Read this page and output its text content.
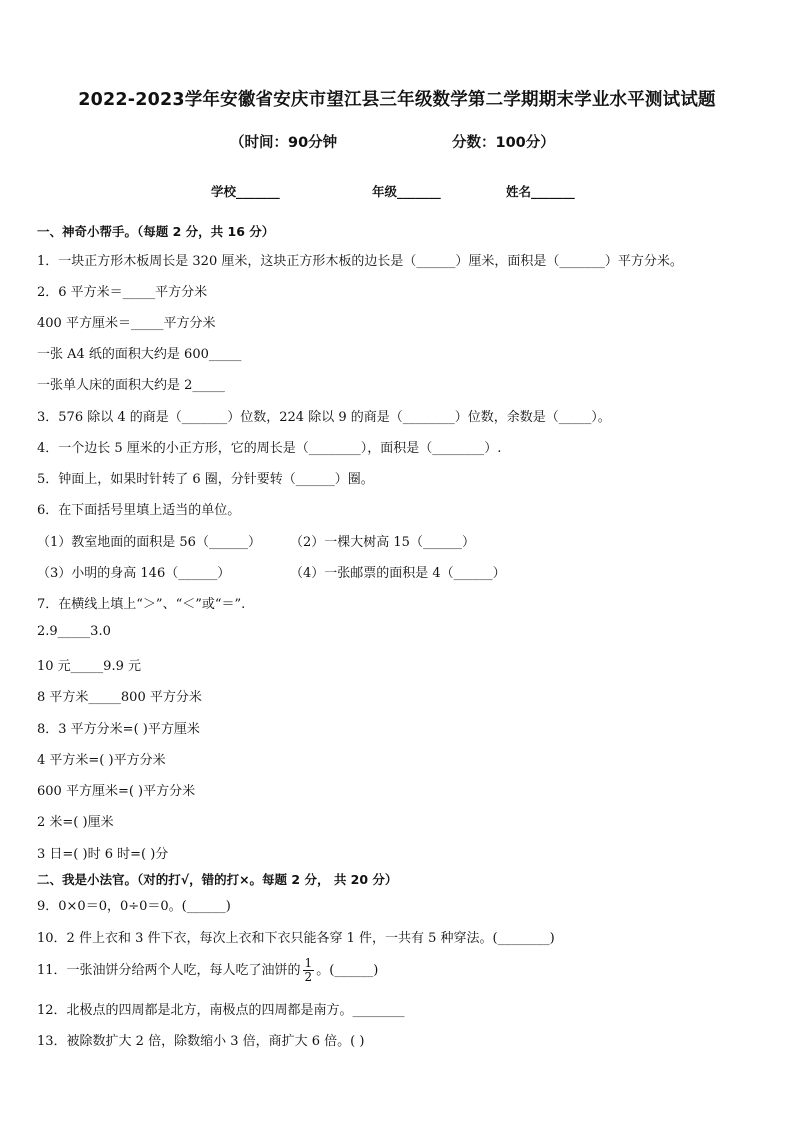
2022-2023学年安徽省安庆市望江县三年级数学第二学期期末学业水平测试试题
（时间：90分钟	分数：100分）
学校_______	年级_______	姓名_______
一、神奇小帮手。（每题 2 分，共 16 分）
1．一块正方形木板周长是 320 厘米，这块正方形木板的边长是（______）厘米，面积是（_______）平方分米。
2．6 平方米＝_____平方分米
400 平方厘米＝_____平方分米
一张 A4 纸的面积大约是 600_____
一张单人床的面积大约是 2_____
3．576 除以 4 的商是（_______）位数，224 除以 9 的商是（________）位数，余数是（_____）。
4．一个边长 5 厘米的小正方形，它的周长是（________），面积是（________）.
5．钟面上，如果时针转了 6 圈，分针要转（______）圈。
6．在下面括号里填上适当的单位。
（1）教室地面的面积是 56（______） （2）一棵大树高 15（______）
（3）小明的身高 146（______）	（4）一张邮票的面积是 4（______）
7．在横线上填上“＞”、“＜”或“＝”.
2.9_____3.0
10 元_____9.9 元
8 平方米_____800 平方分米
8．3 平方分米=( )平方厘米
4 平方米=( )平方分米
600 平方厘米=( )平方分米
2 米=( )厘米
3 日=( )时 6 时=( )分
二、我是小法官。（对的打√，错的打×。每题 2 分， 共 20 分）
9．0×0＝0，0÷0＝0。(______)
10．2 件上衣和 3 件下衣，每次上衣和下衣只能各穿 1 件，一共有 5 种穿法。(________)
11．一张油饼分给两个人吃，每人吃了油饼的 $\frac{1}{2}$ 。(______)
12．北极点的四周都是北方，南极点的四周都是南方。________
13．被除数扩大 2 倍，除数缩小 3 倍，商扩大 6 倍。( )
